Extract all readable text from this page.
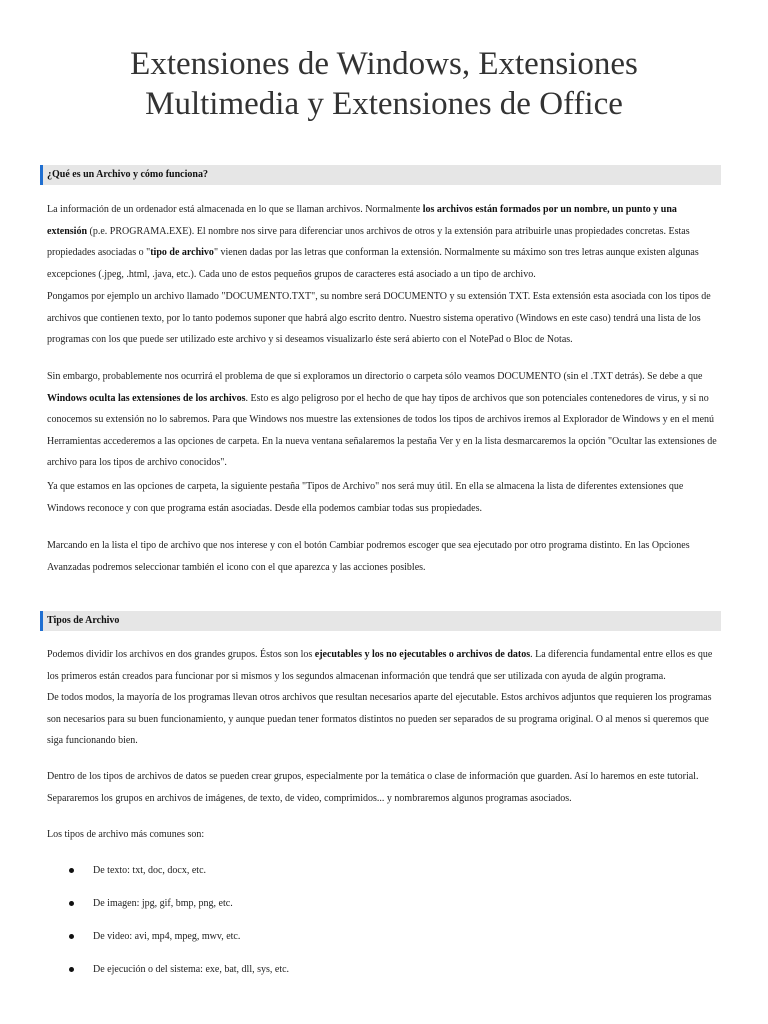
Extensiones de Windows, Extensiones Multimedia y Extensiones de Office
¿Qué es un Archivo y cómo funciona?

La información de un ordenador está almacenada en lo que se llaman archivos. Normalmente los archivos están formados por un nombre, un punto y una extensión (p.e. PROGRAMA.EXE). El nombre nos sirve para diferenciar unos archivos de otros y la extensión para atribuirle unas propiedades concretas. Estas propiedades asociadas o "tipo de archivo" vienen dadas por las letras que conforman la extensión. Normalmente su máximo son tres letras aunque existen algunas excepciones (.jpeg, .html, .java, etc.). Cada uno de estos pequeños grupos de caracteres está asociado a un tipo de archivo.

Pongamos por ejemplo un archivo llamado "DOCUMENTO.TXT", su nombre será DOCUMENTO y su extensión TXT. Esta extensión esta asociada con los tipos de archivos que contienen texto, por lo tanto podemos suponer que habrá algo escrito dentro. Nuestro sistema operativo (Windows en este caso) tendrá una lista de los programas con los que puede ser utilizado este archivo y si deseamos visualizarlo éste será abierto con el NotePad o Bloc de Notas.

Sin embargo, probablemente nos ocurrirá el problema de que si exploramos un directorio o carpeta sólo veamos DOCUMENTO (sin el .TXT detrás). Se debe a que Windows oculta las extensiones de los archivos. Esto es algo peligroso por el hecho de que hay tipos de archivos que son potenciales contenedores de virus, y si no conocemos su extensión no lo sabremos. Para que Windows nos muestre las extensiones de todos los tipos de archivos iremos al Explorador de Windows y en el menú Herramientas accederemos a las opciones de carpeta. En la nueva ventana señalaremos la pestaña Ver y en la lista desmarcaremos la opción "Ocultar las extensiones de archivo para los tipos de archivo conocidos".

Ya que estamos en las opciones de carpeta, la siguiente pestaña "Tipos de Archivo" nos será muy útil. En ella se almacena la lista de diferentes extensiones que Windows reconoce y con que programa están asociadas. Desde ella podemos cambiar todas sus propiedades.

Marcando en la lista el tipo de archivo que nos interese y con el botón Cambiar podremos escoger que sea ejecutado por otro programa distinto. En las Opciones Avanzadas podremos seleccionar también el icono con el que aparezca y las acciones posibles.

Tipos de Archivo

Podemos dividir los archivos en dos grandes grupos. Éstos son los ejecutables y los no ejecutables o archivos de datos. La diferencia fundamental entre ellos es que los primeros están creados para funcionar por si mismos y los segundos almacenan información que tendrá que ser utilizada con ayuda de algún programa.

De todos modos, la mayoría de los programas llevan otros archivos que resultan necesarios aparte del ejecutable. Estos archivos adjuntos que requieren los programas son necesarios para su buen funcionamiento, y aunque puedan tener formatos distintos no pueden ser separados de su programa original. O al menos si queremos que siga funcionando bien.

Dentro de los tipos de archivos de datos se pueden crear grupos, especialmente por la temática o clase de información que guarden. Así lo haremos en este tutorial. Separaremos los grupos en archivos de imágenes, de texto, de video, comprimidos... y nombraremos algunos programas asociados.

Los tipos de archivo más comunes son:

De texto: txt, doc, docx, etc.
De imagen: jpg, gif, bmp, png, etc.
De video: avi, mp4, mpeg, mwv, etc.
De ejecución o del sistema: exe, bat, dll, sys, etc.
